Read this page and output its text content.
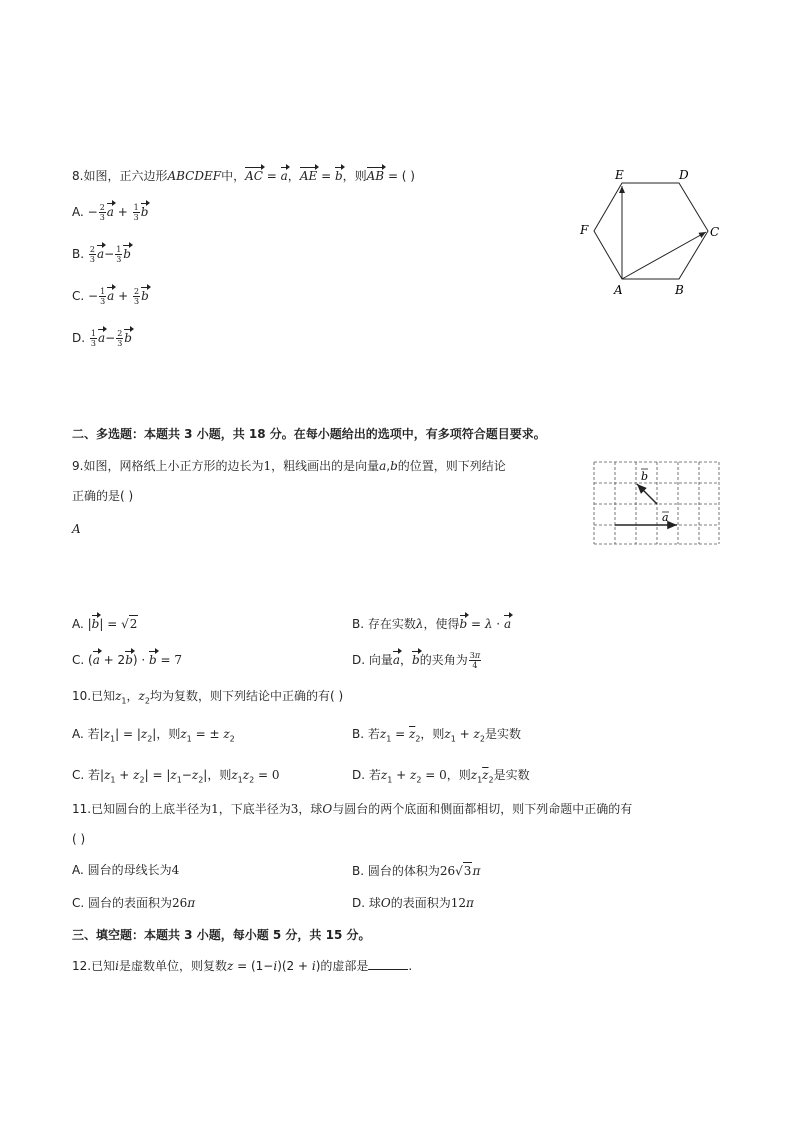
8.如图，正六边形ABCDEF中，AC = a，AE = b，则AB = ( )
A. − $\frac{2}{3}$ $a + \frac{1}{3}$ b
B. $\frac{2}{3} a- \frac{1}{3}$ b
C. − $\frac{1}{3}$ $a + \frac{2}{3}$ b
D. $\frac{1}{3} a- \frac{2}{3}$ b
E	D
F	C
A	B
二、多选题：本题共 3 小题，共 18 分。在每小题给出的选项中，有多项符合题目要求。
9.如图，网格纸上小正方形的边长为1，粗线画出的是向量a,b的位置，则下列结论
正确的是( )
A
b
a
A. |b| = √2	B. 存在实数λ，使得b = λ · a
C. (a + 2b) · b = 7	D. 向量a，b的夹角为 $\frac{3\pi}{4}$
10.已知$z_1$，$z_2$均为复数，则下列结论中正确的有( )
A. 若$|z_1| = |z_2|$，则$z_1$ = ± $z_2$	B. 若$z_1 = \overline{z}_2$，则$z_1 + z_2$是实数
C. 若$|z_1 + z_2| = |z_1-z_2|$，则$z_1z_2 = 0$	D. 若$z_1 + z_2 = 0$，则$z_1\overline{z}_2$是实数
11.已知圆台的上底半径为1，下底半径为3，球O与圆台的两个底面和侧面都相切，则下列命题中正确的有
( )
A. 圆台的母线长为4	B. 圆台的体积为26√3π
C. 圆台的表面积为26π	D. 球O的表面积为12π
三、填空题：本题共 3 小题，每小题 5 分，共 15 分。
12.已知i是虚数单位，则复数z = (1−i)(2 + i)的虚部是	.
